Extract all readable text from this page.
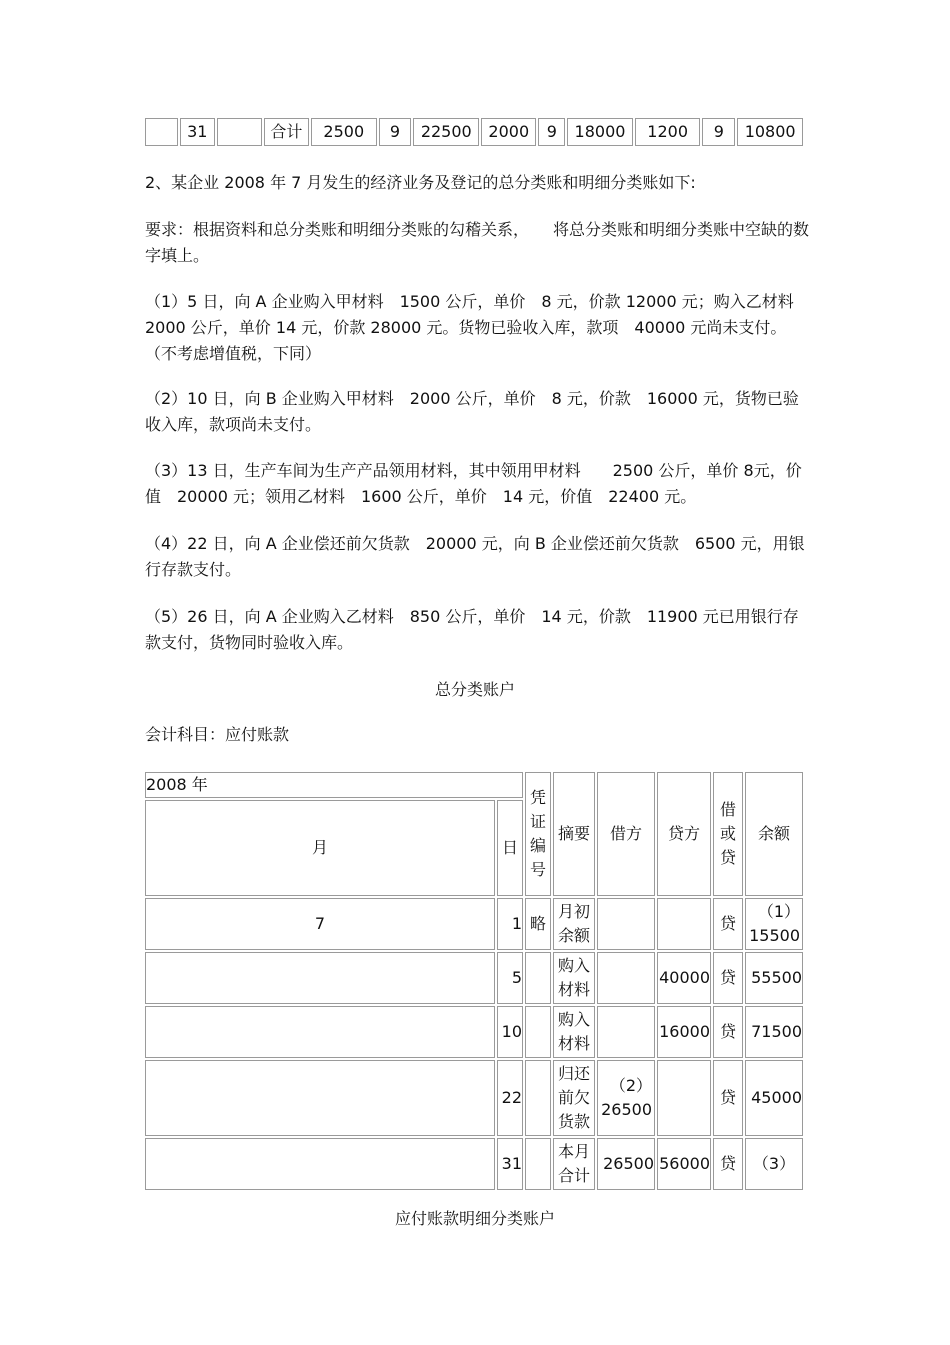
	31		合计	2500	9	22500	2000	9	18000	1200	9	10800

2、某企业 2008 年 7 月发生的经济业务及登记的总分类账和明细分类账如下:

要求：根据资料和总分类账和明细分类账的勾稽关系，　　将总分类账和明细分类账中空缺的数字填上。

（1）5 日，向 A 企业购入甲材料　1500 公斤，单价　8 元，价款 12000 元；购入乙材料 2000 公斤，单价 14 元，价款 28000 元。货物已验收入库，款项　40000 元尚未支付。（不考虑增值税，下同）

（2）10 日，向 B 企业购入甲材料　2000 公斤，单价　8 元，价款　16000 元，货物已验收入库，款项尚未支付。

（3）13 日，生产车间为生产产品领用材料，其中领用甲材料　　2500 公斤，单价 8元，价值　20000 元；领用乙材料　1600 公斤，单价　14 元，价值　22400 元。

（4）22 日，向 A 企业偿还前欠货款　20000 元，向 B 企业偿还前欠货款　6500 元，用银行存款支付。

（5）26 日，向 A 企业购入乙材料　850 公斤，单价　14 元，价款　11900 元已用银行存款支付，货物同时验收入库。

总分类账户

会计科目：应付账款

2008 年		凭证编号	摘要	借方	贷方	借或贷	余额
月	日						
7	1	略	月初余额			贷	（1）15500
	5		购入材料		40000	贷	55500
	10		购入材料		16000	贷	71500
	22		归还前欠货款	（2）26500		贷	45000
	31		本月合计	26500	56000	贷	（3）

应付账款明细分类账户
